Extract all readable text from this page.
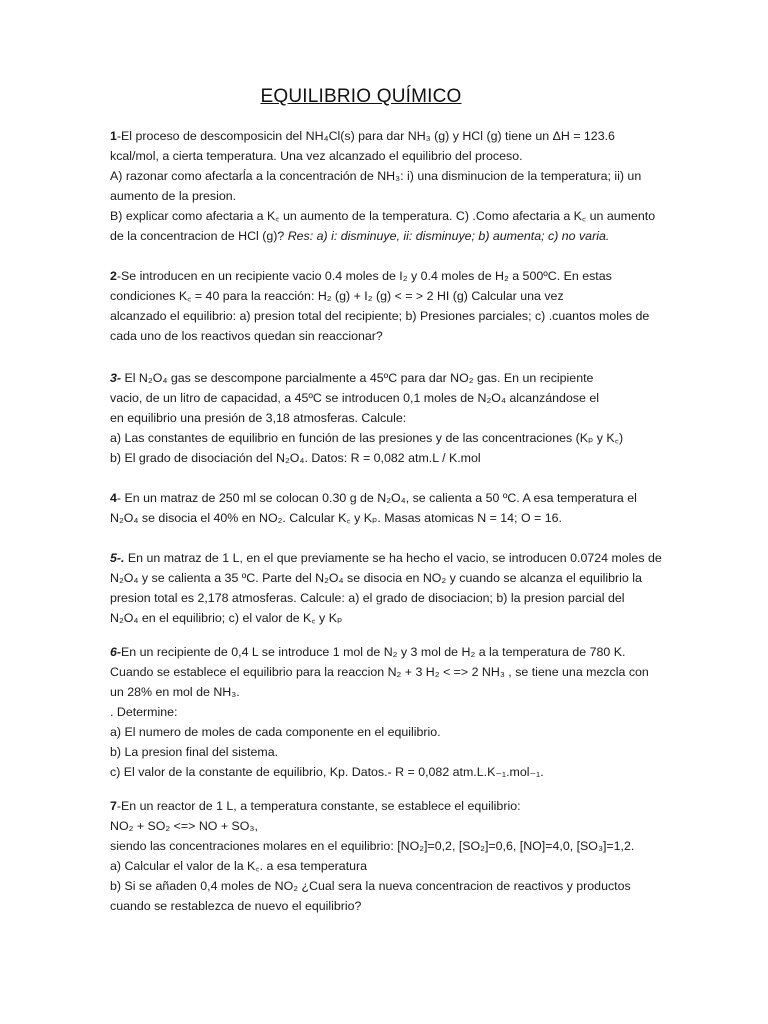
EQUILIBRIO QUÍMICO
1-El proceso de descomposicin del NH₄Cl(s) para dar NH₃ (g) y HCl (g) tiene un ΔH = 123.6
kcal/mol, a cierta temperatura. Una vez alcanzado el equilibrio del proceso.
A) razonar como afectarĺa a la concentración de NH₃: i) una disminucion de la temperatura; ii) un
aumento de la presion.
B) explicar como afectaria a K꜀ un aumento de la temperatura. C) .Como afectaria a K꜀ un aumento
de la concentracion de HCl (g)? Res: a) i: disminuye, ii: disminuye; b) aumenta; c) no varia.
2-Se introducen en un recipiente vacio 0.4 moles de I₂ y 0.4 moles de H₂ a 500ºC. En estas
condiciones K꜀ = 40 para la reacción: H₂ (g) + I₂ (g) < = > 2 HI (g) Calcular una vez
alcanzado el equilibrio: a) presion total del recipiente; b) Presiones parciales; c) .cuantos moles de
cada uno de los reactivos quedan sin reaccionar?
3- El N₂O₄ gas se descompone parcialmente a 45ºC para dar NO₂ gas. En un recipiente
vacio, de un litro de capacidad, a 45ºC se introducen 0,1 moles de N₂O₄ alcanzándose el
en equilibrio una presión de 3,18 atmosferas. Calcule:
a) Las constantes de equilibrio en función de las presiones y de las concentraciones (Kₚ y K꜀)
b) El grado de disociación del N₂O₄. Datos: R = 0,082 atm.L / K.mol
4- En un matraz de 250 ml se colocan 0.30 g de N₂O₄, se calienta a 50 ºC. A esa temperatura el
N₂O₄ se disocia el 40% en NO₂. Calcular K꜀ y Kₚ. Masas atomicas N = 14; O = 16.
5-. En un matraz de 1 L, en el que previamente se ha hecho el vacio, se introducen 0.0724 moles de
N₂O₄ y se calienta a 35 ºC. Parte del N₂O₄ se disocia en NO₂ y cuando se alcanza el equilibrio la
presion total es 2,178 atmosferas. Calcule: a) el grado de disociacion; b) la presion parcial del
N₂O₄ en el equilibrio; c) el valor de K꜀ y Kₚ
6-En un recipiente de 0,4 L se introduce 1 mol de N₂ y 3 mol de H₂ a la temperatura de 780 K.
Cuando se establece el equilibrio para la reaccion N₂ + 3 H₂ < => 2 NH₃ , se tiene una mezcla con
un 28% en mol de NH₃.
. Determine:
a) El numero de moles de cada componente en el equilibrio.
b) La presion final del sistema.
c) El valor de la constante de equilibrio, Kp. Datos.- R = 0,082 atm.L.K₋₁.mol₋₁.
7-En un reactor de 1 L, a temperatura constante, se establece el equilibrio:
NO₂ + SO₂ <=> NO + SO₃,
siendo las concentraciones molares en el equilibrio: [NO₂]=0,2, [SO₂]=0,6, [NO]=4,0, [SO₃]=1,2.
a) Calcular el valor de la K꜀. a esa temperatura
b) Si se añaden 0,4 moles de NO₂ ¿Cual sera la nueva concentracion de reactivos y productos
cuando se restablezca de nuevo el equilibrio?
